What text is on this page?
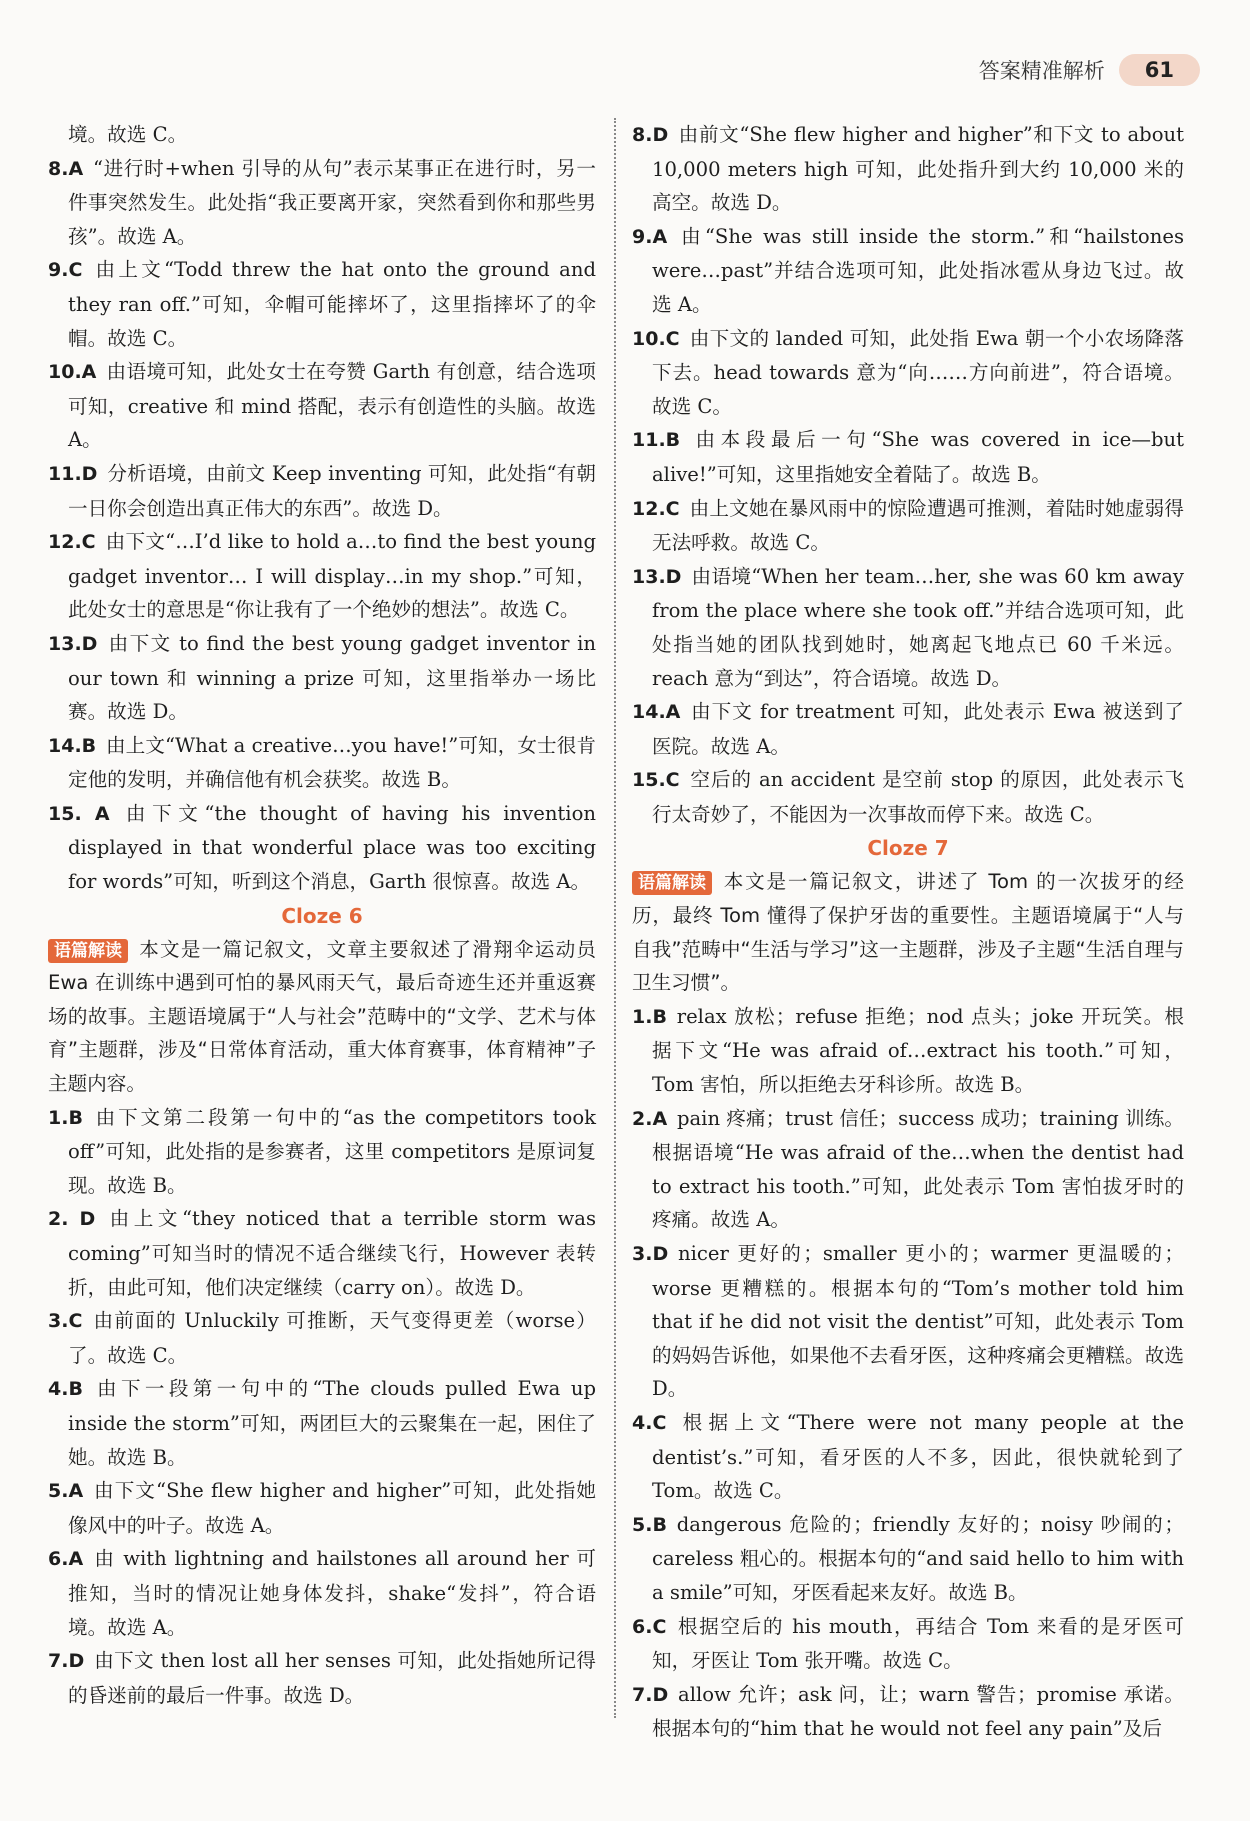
答案精准解析	61

境。故选 C。

8.A  “进行时+when 引导的从句”表示某事正在进行时，另一件事突然发生。此处指“我正要离开家，突然看到你和那些男孩”。故选 A。

9.C  由上文“Todd threw the hat onto the ground and they ran off.”可知，伞帽可能摔坏了，这里指摔坏了的伞帽。故选 C。

10.A  由语境可知，此处女士在夸赞 Garth 有创意，结合选项可知，creative 和 mind 搭配，表示有创造性的头脑。故选 A。

11.D  分析语境，由前文 Keep inventing 可知，此处指“有朝一日你会创造出真正伟大的东西”。故选 D。

12.C  由下文“…I’d like to hold a…to find the best young gadget inventor… I will display…in my shop.”可知，此处女士的意思是“你让我有了一个绝妙的想法”。故选 C。

13.D  由下文 to find the best young gadget inventor in our town 和 winning a prize 可知，这里指举办一场比赛。故选 D。

14.B  由上文“What a creative…you have!”可知，女士很肯定他的发明，并确信他有机会获奖。故选 B。

15. A  由下文“the thought of having his invention displayed in that wonderful place was too exciting for words”可知，听到这个消息，Garth 很惊喜。故选 A。

Cloze 6

语篇解读 本文是一篇记叙文，文章主要叙述了滑翔伞运动员 Ewa 在训练中遇到可怕的暴风雨天气，最后奇迹生还并重返赛场的故事。主题语境属于“人与社会”范畴中的“文学、艺术与体育”主题群，涉及“日常体育活动，重大体育赛事，体育精神”子主题内容。

1.B  由下文第二段第一句中的“as the competitors took off”可知，此处指的是参赛者，这里 competitors 是原词复现。故选 B。

2. D  由上文“they noticed that a terrible storm was coming”可知当时的情况不适合继续飞行，However 表转折，由此可知，他们决定继续（carry on）。故选 D。

3.C  由前面的 Unluckily 可推断，天气变得更差（worse）了。故选 C。

4.B  由下一段第一句中的“The clouds pulled Ewa up inside the storm”可知，两团巨大的云聚集在一起，困住了她。故选 B。

5.A  由下文“She flew higher and higher”可知，此处指她像风中的叶子。故选 A。

6.A  由 with lightning and hailstones all around her 可推知，当时的情况让她身体发抖，shake“发抖”，符合语境。故选 A。

7.D  由下文 then lost all her senses 可知，此处指她所记得的昏迷前的最后一件事。故选 D。

8.D  由前文“She flew higher and higher”和下文 to about 10,000 meters high 可知，此处指升到大约 10,000 米的高空。故选 D。

9.A  由“She was still inside the storm.”和“hailstones were…past”并结合选项可知，此处指冰雹从身边飞过。故选 A。

10.C  由下文的 landed 可知，此处指 Ewa 朝一个小农场降落下去。head towards 意为“向……方向前进”，符合语境。故选 C。

11.B  由本段最后一句“She was covered in ice—but alive!”可知，这里指她安全着陆了。故选 B。

12.C  由上文她在暴风雨中的惊险遭遇可推测，着陆时她虚弱得无法呼救。故选 C。

13.D  由语境“When her team…her, she was 60 km away from the place where she took off.”并结合选项可知，此处指当她的团队找到她时，她离起飞地点已 60 千米远。reach 意为“到达”，符合语境。故选 D。

14.A  由下文 for treatment 可知，此处表示 Ewa 被送到了医院。故选 A。

15.C  空后的 an accident 是空前 stop 的原因，此处表示飞行太奇妙了，不能因为一次事故而停下来。故选 C。

Cloze 7

语篇解读 本文是一篇记叙文，讲述了 Tom 的一次拔牙的经历，最终 Tom 懂得了保护牙齿的重要性。主题语境属于“人与自我”范畴中“生活与学习”这一主题群，涉及子主题“生活自理与卫生习惯”。

1.B  relax 放松；refuse 拒绝；nod 点头；joke 开玩笑。根据下文“He was afraid of…extract his tooth.”可知，Tom 害怕，所以拒绝去牙科诊所。故选 B。

2.A  pain 疼痛；trust 信任；success 成功；training 训练。根据语境“He was afraid of the…when the dentist had to extract his tooth.”可知，此处表示 Tom 害怕拔牙时的疼痛。故选 A。

3.D  nicer 更好的；smaller 更小的；warmer 更温暖的；worse 更糟糕的。根据本句的“Tom’s mother told him that if he did not visit the dentist”可知，此处表示 Tom 的妈妈告诉他，如果他不去看牙医，这种疼痛会更糟糕。故选 D。

4.C  根据上文“There were not many people at the dentist’s.”可知，看牙医的人不多，因此，很快就轮到了 Tom。故选 C。

5.B  dangerous 危险的；friendly 友好的；noisy 吵闹的；careless 粗心的。根据本句的“and said hello to him with a smile”可知，牙医看起来友好。故选 B。

6.C  根据空后的 his mouth，再结合 Tom 来看的是牙医可知，牙医让 Tom 张开嘴。故选 C。

7.D  allow 允许；ask 问，让；warn 警告；promise 承诺。根据本句的“him that he would not feel any pain”及后
